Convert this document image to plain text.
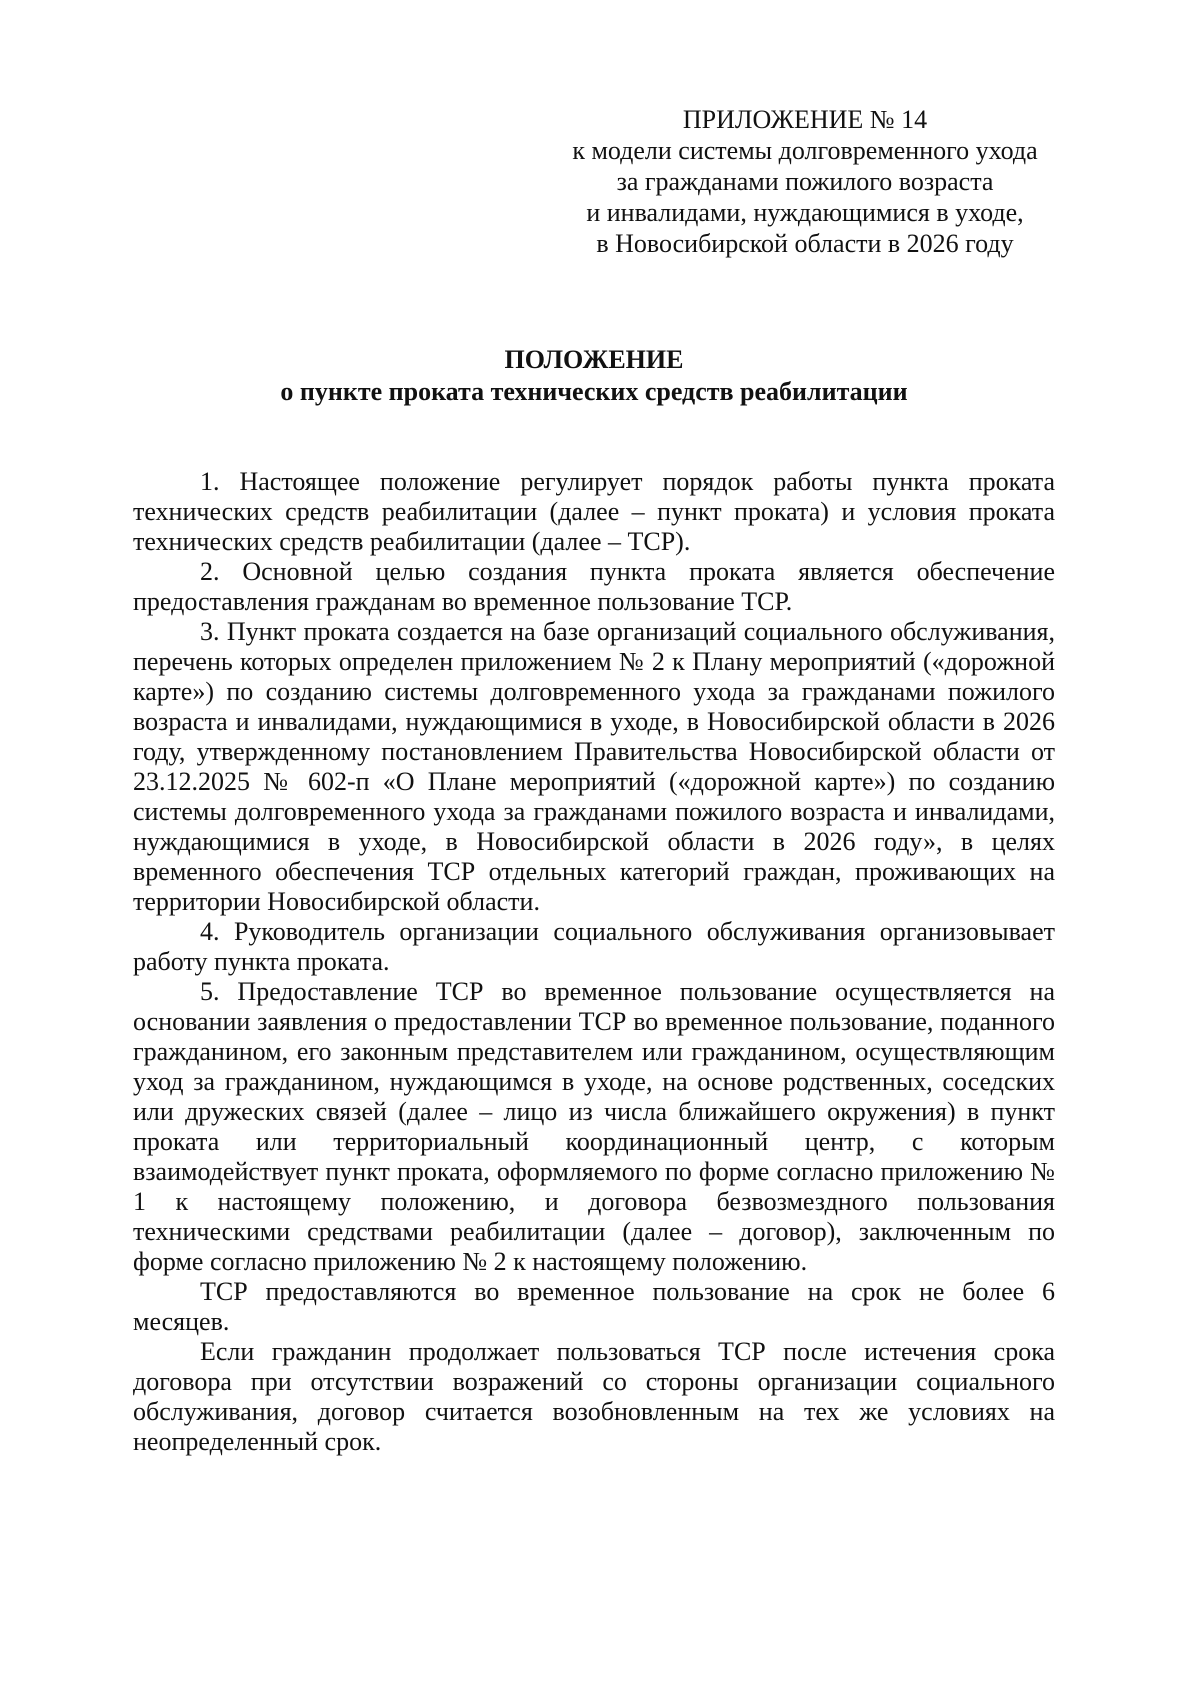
ПРИЛОЖЕНИЕ № 14
к модели системы долговременного ухода
за гражданами пожилого возраста
и инвалидами, нуждающимися в уходе,
в Новосибирской области в 2026 году
ПОЛОЖЕНИЕ
о пункте проката технических средств реабилитации

1. Настоящее положение регулирует порядок работы пункта проката технических средств реабилитации (далее – пункт проката) и условия проката технических средств реабилитации (далее – ТСР).

2. Основной целью создания пункта проката является обеспечение предоставления гражданам во временное пользование ТСР.

3. Пункт проката создается на базе организаций социального обслуживания, перечень которых определен приложением № 2 к Плану мероприятий («дорожной карте») по созданию системы долговременного ухода за гражданами пожилого возраста и инвалидами, нуждающимися в уходе, в Новосибирской области в 2026 году, утвержденному постановлением Правительства Новосибирской области от 23.12.2025 № 602-п «О Плане мероприятий («дорожной карте») по созданию системы долговременного ухода за гражданами пожилого возраста и инвалидами, нуждающимися в уходе, в Новосибирской области в 2026 году», в целях временного обеспечения ТСР отдельных категорий граждан, проживающих на территории Новосибирской области.

4. Руководитель организации социального обслуживания организовывает работу пункта проката.

5. Предоставление ТСР во временное пользование осуществляется на основании заявления о предоставлении ТСР во временное пользование, поданного гражданином, его законным представителем или гражданином, осуществляющим уход за гражданином, нуждающимся в уходе, на основе родственных, соседских или дружеских связей (далее – лицо из числа ближайшего окружения) в пункт проката или территориальный координационный центр, с которым взаимодействует пункт проката, оформляемого по форме согласно приложению № 1 к настоящему положению, и договора безвозмездного пользования техническими средствами реабилитации (далее – договор), заключенным по форме согласно приложению № 2 к настоящему положению.

ТСР предоставляются во временное пользование на срок не более 6 месяцев.

Если гражданин продолжает пользоваться ТСР после истечения срока договора при отсутствии возражений со стороны организации социального обслуживания, договор считается возобновленным на тех же условиях на неопределенный срок.
